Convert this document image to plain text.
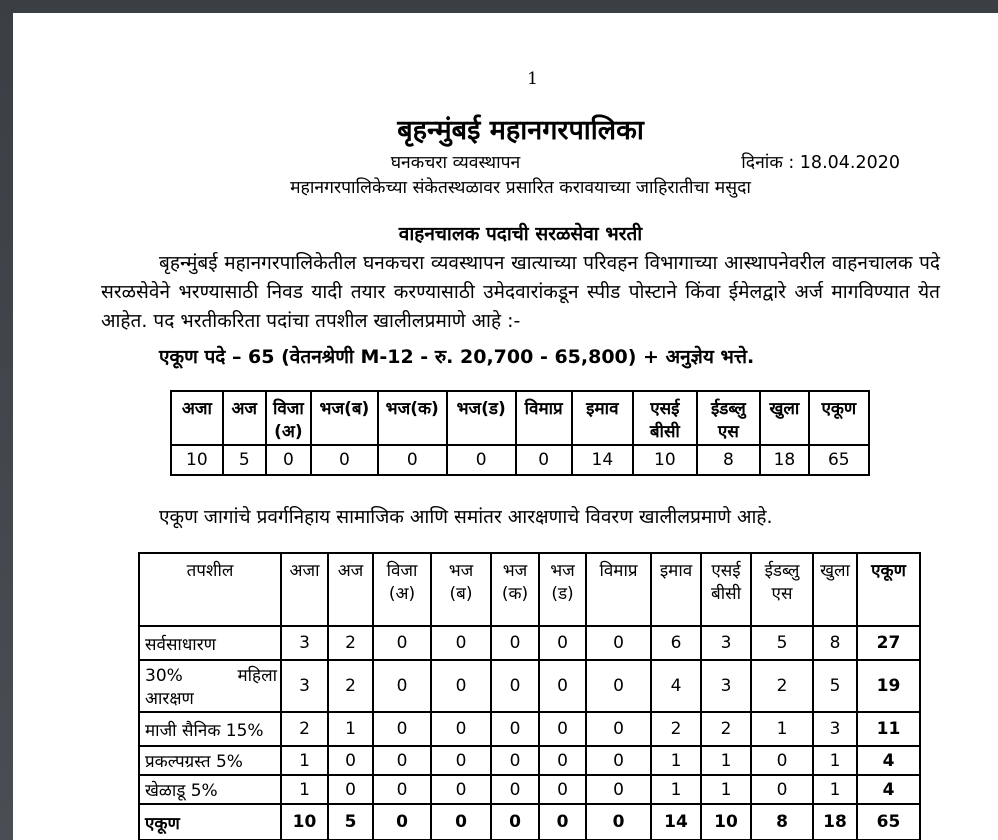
1
बृहन्मुंबई महानगरपालिका
घनकचरा व्यवस्थापन	दिनांक : 18.04.2020
महानगरपालिकेच्या संकेतस्थळावर प्रसारित करावयाच्या जाहिरातीचा मसुदा
वाहनचालक पदाची सरळसेवा भरती

बृहन्मुंबई महानगरपालिकेतील घनकचरा व्यवस्थापन खात्याच्या परिवहन विभागाच्या आस्थापनेवरील वाहनचालक पदे सरळसेवेने भरण्यासाठी निवड यादी तयार करण्यासाठी उमेदवारांकडून स्पीड पोस्टाने किंवा ईमेलद्वारे अर्ज मागविण्यात येत आहेत. पद भरतीकरिता पदांचा तपशील खालीलप्रमाणे आहे :-

एकूण पदे – 65 (वेतनश्रेणी M-12 - रु. 20,700 - 65,800) + अनुज्ञेय भत्ते.
अजा	अज	विजा (अ)	भज(ब)	भज(क)	भज(ड)	विमाप्र	इमाव	एसई बीसी	ईडब्लु एस	खुला	एकूण
10	5	0	0	0	0	0	14	10	8	18	65
एकूण जागांचे प्रवर्गनिहाय सामाजिक आणि समांतर आरक्षणाचे विवरण खालीलप्रमाणे आहे.
तपशील	अजा	अज	विजा (अ)	भज (ब)	भज (क)	भज (ड)	विमाप्र	इमाव	एसई बीसी	ईडब्लु एस	खुला	एकूण
सर्वसाधारण	3	2	0	0	0	0	0	6	3	5	8	27
30% महिला आरक्षण	3	2	0	0	0	0	0	4	3	2	5	19
माजी सैनिक 15%	2	1	0	0	0	0	0	2	2	1	3	11
प्रकल्पग्रस्त 5%	1	0	0	0	0	0	0	1	1	0	1	4
खेळाडू 5%	1	0	0	0	0	0	0	1	1	0	1	4
एकूण	10	5	0	0	0	0	0	14	10	8	18	65
